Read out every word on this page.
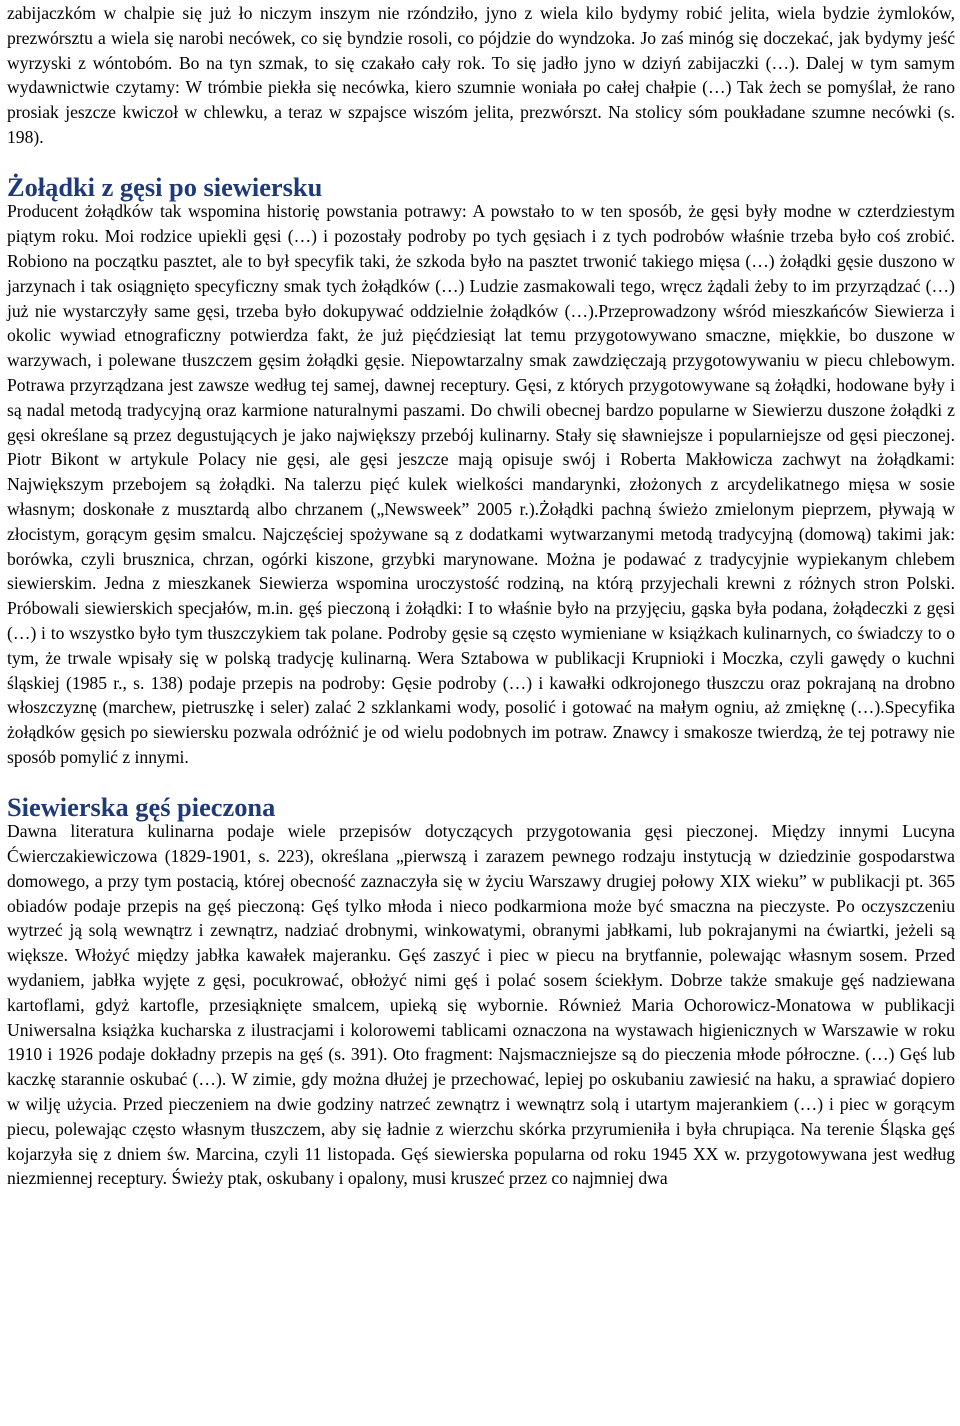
zabijaczkóm w chalpie się już ło niczym inszym nie rzóndziło, jyno z wiela kilo bydymy robić jelita, wiela bydzie żymloków, prezwórsztu a wiela się narobi necówek, co się byndzie rosoli, co pójdzie do wyndzoka. Jo zaś minóg się doczekać, jak bydymy jeść wyrzyski z wóntobóm. Bo na tyn szmak, to się czakało cały rok. To się jadło jyno w dziyń zabijaczki (…). Dalej w tym samym wydawnictwie czytamy: W trómbie piekła się necówka, kiero szumnie woniała po całej chałpie (…) Tak żech se pomyślał, że rano prosiak jeszcze kwiczoł w chlewku, a teraz w szpajsce wiszóm jelita, prezwórszt. Na stolicy sóm poukładane szumne necówki (s. 198).

Żołądki z gęsi po siewiersku

Producent żołądków tak wspomina historię powstania potrawy: A powstało to w ten sposób, że gęsi były modne w czterdziestym piątym roku. Moi rodzice upiekli gęsi (…) i pozostały podroby po tych gęsiach i z tych podrobów właśnie trzeba było coś zrobić. Robiono na początku pasztet, ale to był specyfik taki, że szkoda było na pasztet trwonić takiego mięsa (…) żołądki gęsie duszono w jarzynach i tak osiągnięto specyficzny smak tych żołądków (…) Ludzie zasmakowali tego, wręcz żądali żeby to im przyrządzać (…) już nie wystarczyły same gęsi, trzeba było dokupywać oddzielnie żołądków (…).Przeprowadzony wśród mieszkańców Siewierza i okolic wywiad etnograficzny potwierdza fakt, że już pięćdziesiąt lat temu przygotowywano smaczne, miękkie, bo duszone w warzywach, i polewane tłuszczem gęsim żołądki gęsie. Niepowtarzalny smak zawdzięczają przygotowywaniu w piecu chlebowym. Potrawa przyrządzana jest zawsze według tej samej, dawnej receptury. Gęsi, z których przygotowywane są żołądki, hodowane były i są nadal metodą tradycyjną oraz karmione naturalnymi paszami. Do chwili obecnej bardzo popularne w Siewierzu duszone żołądki z gęsi określane są przez degustujących je jako największy przebój kulinarny. Stały się sławniejsze i popularniejsze od gęsi pieczonej. Piotr Bikont w artykule Polacy nie gęsi, ale gęsi jeszcze mają opisuje swój i Roberta Makłowicza zachwyt na żołądkami: Największym przebojem są żołądki. Na talerzu pięć kulek wielkości mandarynki, złożonych z arcydelikatnego mięsa w sosie własnym; doskonałe z musztardą albo chrzanem („Newsweek” 2005 r.).Żołądki pachną świeżo zmielonym pieprzem, pływają w złocistym, gorącym gęsim smalcu. Najczęściej spożywane są z dodatkami wytwarzanymi metodą tradycyjną (domową) takimi jak: borówka, czyli brusznica, chrzan, ogórki kiszone, grzybki marynowane. Można je podawać z tradycyjnie wypiekanym chlebem siewierskim. Jedna z mieszkanek Siewierza wspomina uroczystość rodziną, na którą przyjechali krewni z różnych stron Polski. Próbowali siewierskich specjałów, m.in. gęś pieczoną i żołądki: I to właśnie było na przyjęciu, gąska była podana, żołądeczki z gęsi (…) i to wszystko było tym tłuszczykiem tak polane. Podroby gęsie są często wymieniane w książkach kulinarnych, co świadczy to o tym, że trwale wpisały się w polską tradycję kulinarną. Wera Sztabowa w publikacji Krupnioki i Moczka, czyli gawędy o kuchni śląskiej (1985 r., s. 138) podaje przepis na podroby: Gęsie podroby (…) i kawałki odkrojonego tłuszczu oraz pokrajaną na drobno włoszczyznę (marchew, pietruszkę i seler) zalać 2 szklankami wody, posolić i gotować na małym ogniu, aż zmięknę (…).Specyfika żołądków gęsich po siewiersku pozwala odróżnić je od wielu podobnych im potraw. Znawcy i smakosze twierdzą, że tej potrawy nie sposób pomylić z innymi.

Siewierska gęś pieczona

Dawna literatura kulinarna podaje wiele przepisów dotyczących przygotowania gęsi pieczonej. Między innymi Lucyna Ćwierczakiewiczowa (1829-1901, s. 223), określana „pierwszą i zarazem pewnego rodzaju instytucją w dziedzinie gospodarstwa domowego, a przy tym postacią, której obecność zaznaczyła się w życiu Warszawy drugiej połowy XIX wieku” w publikacji pt. 365 obiadów podaje przepis na gęś pieczoną: Gęś tylko młoda i nieco podkarmiona może być smaczna na pieczyste. Po oczyszczeniu wytrzeć ją solą wewnątrz i zewnątrz, nadziać drobnymi, winkowatymi, obranymi jabłkami, lub pokrajanymi na ćwiartki, jeżeli są większe. Włożyć między jabłka kawałek majeranku. Gęś zaszyć i piec w piecu na brytfannie, polewając własnym sosem. Przed wydaniem, jabłka wyjęte z gęsi, pocukrować, obłożyć nimi gęś i polać sosem ściekłym. Dobrze także smakuje gęś nadziewana kartoflami, gdyż kartofle, przesiąknięte smalcem, upieką się wybornie. Również Maria Ochorowicz-Monatowa w publikacji Uniwersalna książka kucharska z ilustracjami i kolorowemi tablicami oznaczona na wystawach higienicznych w Warszawie w roku 1910 i 1926 podaje dokładny przepis na gęś (s. 391). Oto fragment: Najsmaczniejsze są do pieczenia młode półroczne. (…) Gęś lub kaczkę starannie oskubać (…). W zimie, gdy można dłużej je przechować, lepiej po oskubaniu zawiesić na haku, a sprawiać dopiero w wilję użycia. Przed pieczeniem na dwie godziny natrzeć zewnątrz i wewnątrz solą i utartym majerankiem (…) i piec w gorącym piecu, polewając często własnym tłuszczem, aby się ładnie z wierzchu skórka przyrumieniła i była chrupiąca. Na terenie Śląska gęś kojarzyła się z dniem św. Marcina, czyli 11 listopada. Gęś siewierska popularna od roku 1945 XX w. przygotowywana jest według niezmiennej receptury. Świeży ptak, oskubany i opalony, musi kruszeć przez co najmniej dwa
